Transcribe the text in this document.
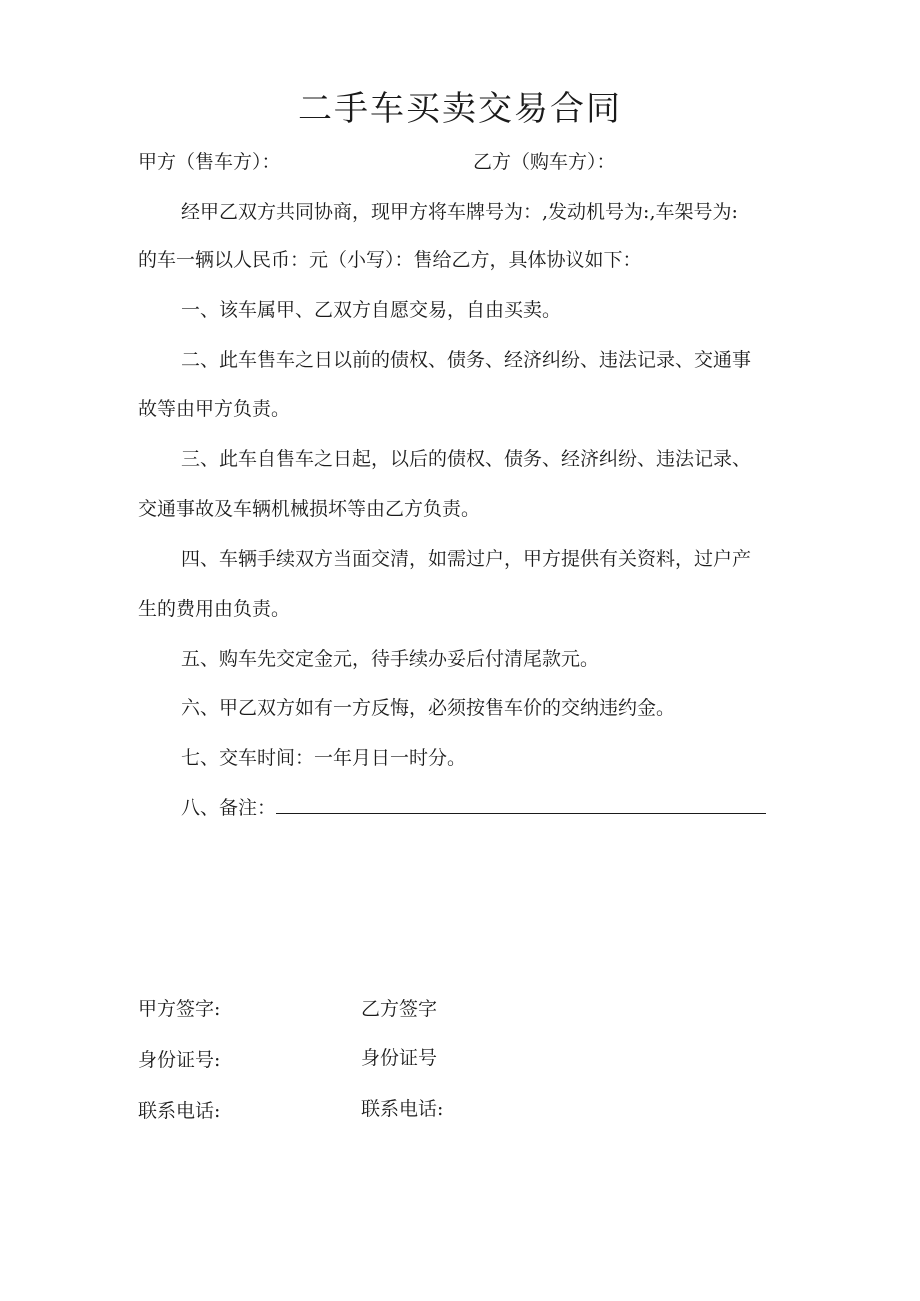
二手车买卖交易合同
甲方（售车方）：	乙方（购车方）：
经甲乙双方共同协商，现甲方将车牌号为：,发动机号为:,车架号为:
的车一辆以人民币：元（小写）：售给乙方，具体协议如下：
一、该车属甲、乙双方自愿交易，自由买卖。
二、此车售车之日以前的债权、债务、经济纠纷、违法记录、交通事
故等由甲方负责。
三、此车自售车之日起，以后的债权、债务、经济纠纷、违法记录、
交通事故及车辆机械损坏等由乙方负责。
四、车辆手续双方当面交清，如需过户，甲方提供有关资料，过户产
生的费用由负责。
五、购车先交定金元，待手续办妥后付清尾款元。
六、甲乙双方如有一方反悔，必须按售车价的交纳违约金。
七、交车时间：一年月日一时分。
八、备注：
甲方签字:	乙方签字
身份证号:	身份证号
联系电话:	联系电话:
